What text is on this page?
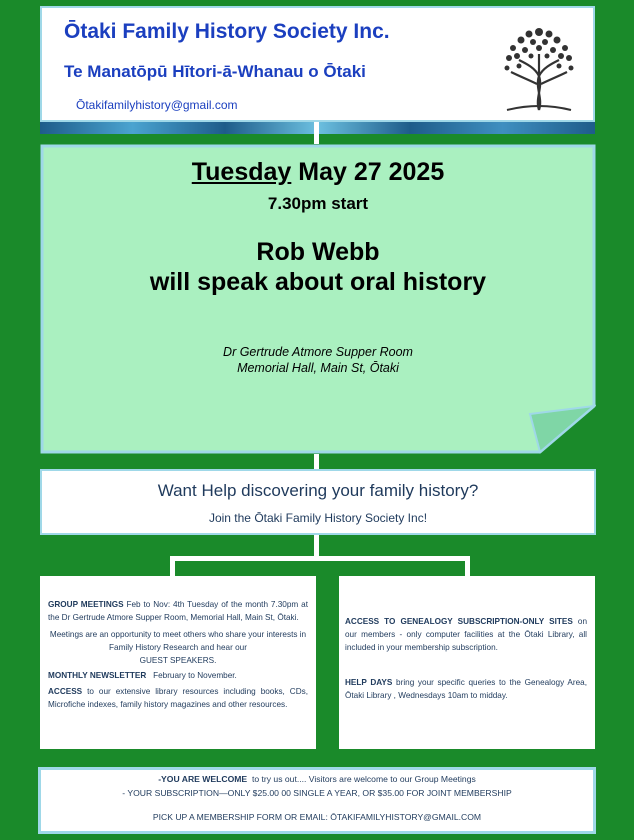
Ōtaki Family History Society Inc.
Te Manatōpū Hītori-ā-Whanau o Ōtaki
Ōtakifamilyhistory@gmail.com
Tuesday May 27 2025
7.30pm start
Rob Webb
will speak about oral history
Dr Gertrude Atmore Supper Room
Memorial Hall, Main St, Ōtaki
Want Help discovering your family history?
Join the Ōtaki Family History Society Inc!

GROUP MEETINGS Feb to Nov: 4th Tuesday of the month 7.30pm at the Dr Gertrude Atmore Supper Room, Memorial Hall, Main St, Ōtaki.

Meetings are an opportunity to meet others who share your interests in Family History Research and hear our

GUEST SPEAKERS.

MONTHLY NEWSLETTER February to November.

ACCESS to our extensive library resources including books, CDs, Microfiche indexes, family history magazines and other resources.

ACCESS TO GENEALOGY SUBSCRIPTION-ONLY SITES on our members - only computer facilities at the Ōtaki Library, all included in your membership subscription.

HELP DAYS bring your specific queries to the Genealogy Area, Ōtaki Library , Wednesdays 10am to midday.

-YOU ARE WELCOME to try us out.... Visitors are welcome to our Group Meetings
- YOUR SUBSCRIPTION—ONLY $25.00 00 SINGLE A YEAR, OR $35.00 FOR JOINT MEMBERSHIP
PICK UP A MEMBERSHIP FORM OR EMAIL: ŌTAKIFAMILYHISTORY@GMAIL.COM
